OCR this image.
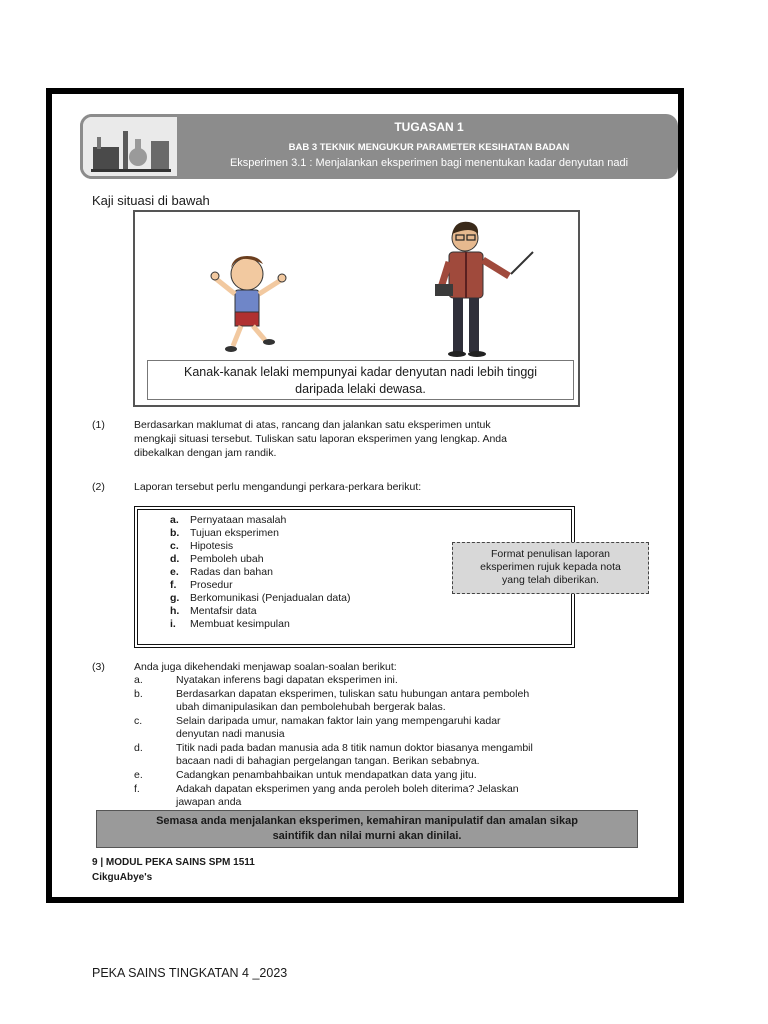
TUGASAN 1
BAB 3 TEKNIK MENGUKUR PARAMETER KESIHATAN BADAN
Eksperimen 3.1 : Menjalankan eksperimen bagi menentukan kadar denyutan nadi
Kaji situasi di bawah
Kanak-kanak lelaki mempunyai kadar denyutan nadi lebih tinggi
daripada lelaki dewasa.
(1)	Berdasarkan maklumat di atas, rancang dan jalankan satu eksperimen untuk
mengkaji situasi tersebut. Tuliskan satu laporan eksperimen yang lengkap. Anda
dibekalkan dengan jam randik.
(2)	Laporan tersebut perlu mengandungi perkara-perkara berikut:
a. Pernyataan masalah
b. Tujuan eksperimen
c. Hipotesis
d. Pemboleh ubah
e. Radas dan bahan
f. Prosedur
g. Berkomunikasi (Penjadualan data)
h. Mentafsir data
i. Membuat kesimpulan
Format penulisan laporan
eksperimen rujuk kepada nota
yang telah diberikan.
(3)	Anda juga dikehendaki menjawap soalan-soalan berikut:
a.	Nyatakan inferens bagi dapatan eksperimen ini.
b.	Berdasarkan dapatan eksperimen, tuliskan satu hubungan antara pemboleh
ubah dimanipulasikan dan pembolehubah bergerak balas.
c.	Selain daripada umur, namakan faktor lain yang mempengaruhi kadar
denyutan nadi manusia
d.	Titik nadi pada badan manusia ada 8 titik namun doktor biasanya mengambil
bacaan nadi di bahagian pergelangan tangan. Berikan sebabnya.
e.	Cadangkan penambahbaikan untuk mendapatkan data yang jitu.
f.	Adakah dapatan eksperimen yang anda peroleh boleh diterima? Jelaskan
jawapan anda
Semasa anda menjalankan eksperimen, kemahiran manipulatif dan amalan sikap
saintifik dan nilai murni akan dinilai.
9 | MODUL PEKA SAINS SPM 1511
CikguAbye's
PEKA SAINS TINGKATAN 4 _2023
